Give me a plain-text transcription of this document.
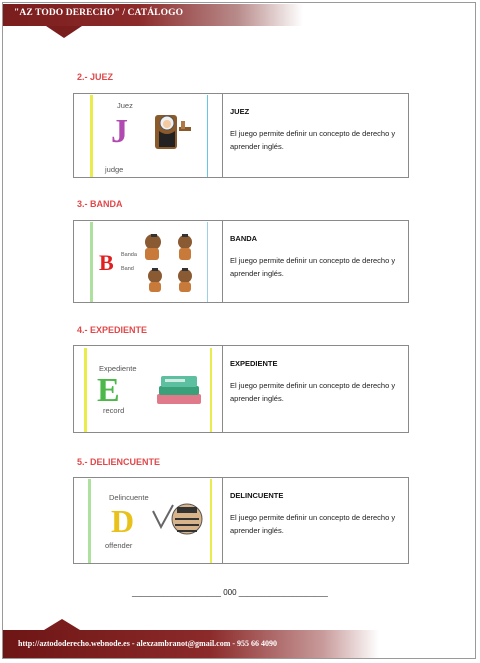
"AZ TODO DERECHO" / CATÁLOGO
2.- JUEZ
Juez
J
judge
JUEZ
El juego permite definir un concepto de derecho y aprender inglés.
3.- BANDA
B Banda
Band
BANDA
El juego permite definir un concepto de derecho y aprender inglés.
4.- EXPEDIENTE
Expediente
E
record
EXPEDIENTE
El juego permite definir un concepto de derecho y aprender inglés.
5.- DELIENCUENTE
Delincuente
D
offender
DELINCUENTE
El juego permite definir un concepto de derecho y aprender inglés.
____________________ 000 ____________________
http://aztododerecho.webnode.es - alexzambranot@gmail.com - 955 66 4090
